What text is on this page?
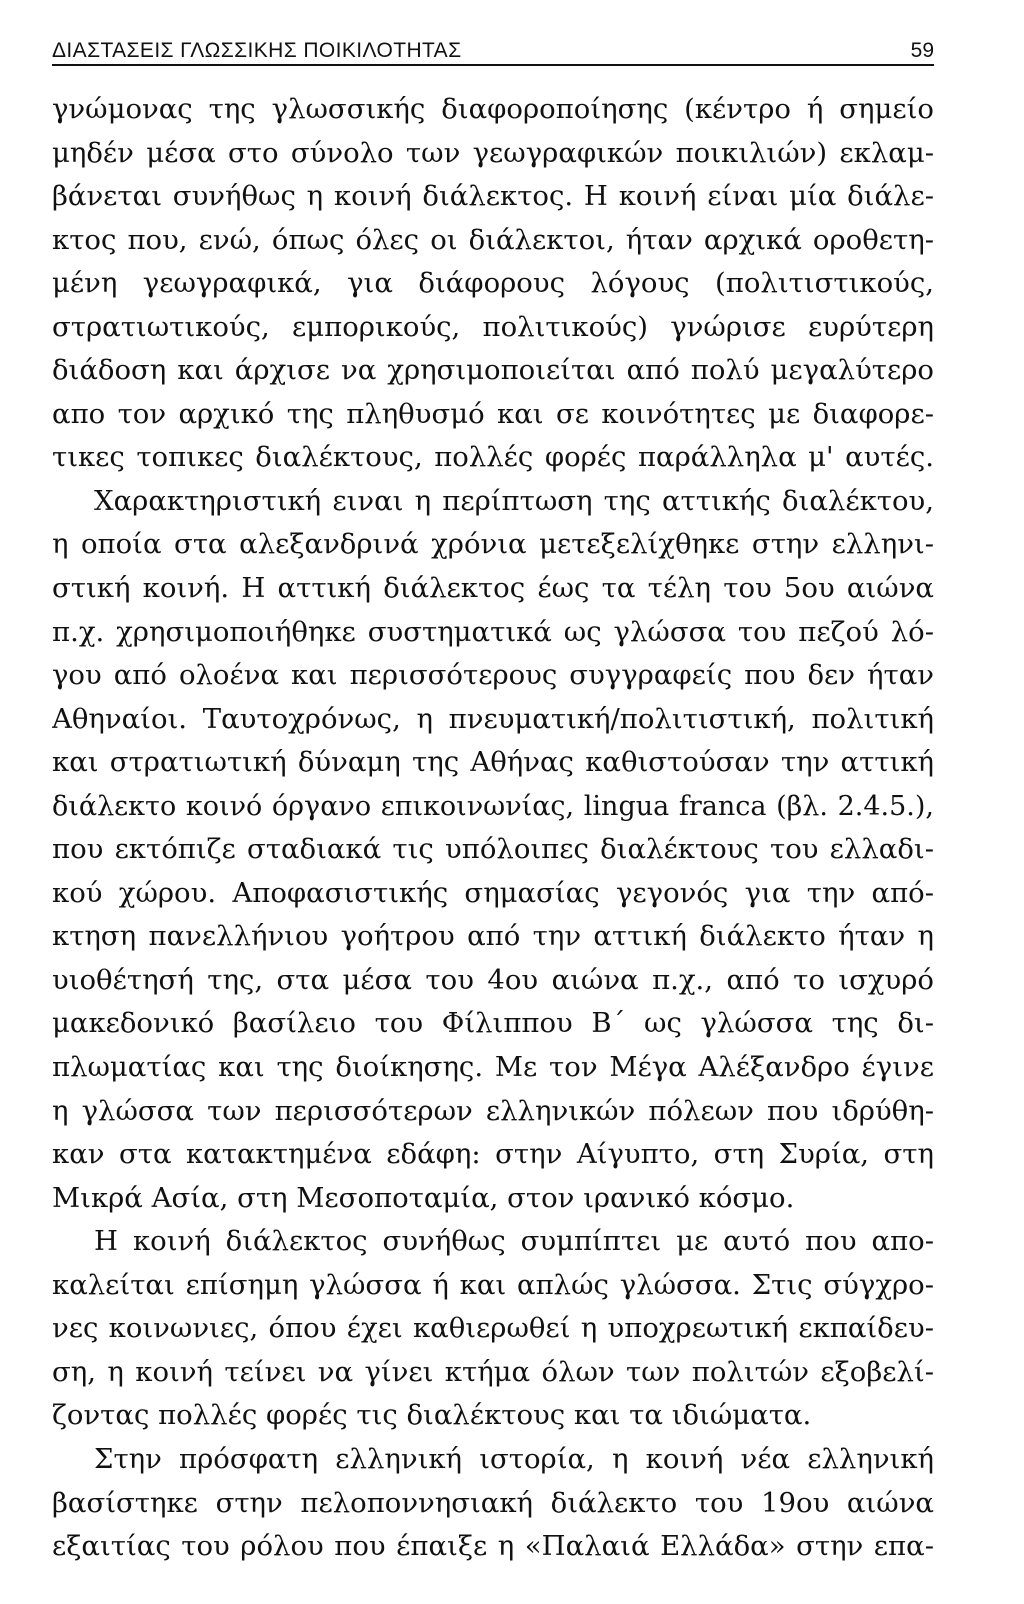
ΔΙΑΣΤΑΣΕΙΣ ΓΛΩΣΣΙΚΗΣ ΠΟΙΚΙΛΟΤΗΤΑΣ	59
γνώμονας της γλωσσικής διαφοροποίησης (κέντρο ή σημείο
μηδέν μέσα στο σύνολο των γεωγραφικών ποικιλιών) εκλαμ-
βάνεται συνήθως η κοινή διάλεκτος. Η κοινή είναι μία διάλε-
κτος που, ενώ, όπως όλες οι διάλεκτοι, ήταν αρχικά οροθετη-
μένη γεωγραφικά, για διάφορους λόγους (πολιτιστικούς,
στρατιωτικούς, εμπορικούς, πολιτικούς) γνώρισε ευρύτερη
διάδοση και άρχισε να χρησιμοποιείται από πολύ μεγαλύτερο
απο τον αρχικό της πληθυσμό και σε κοινότητες με διαφορε-
τικες τοπικες διαλέκτους, πολλές φορές παράλληλα μ' αυτές.
Χαρακτηριστική ειναι η περίπτωση της αττικής διαλέκτου,
η οποία στα αλεξανδρινά χρόνια μετεξελίχθηκε στην ελληνι-
στική κοινή. Η αττική διάλεκτος έως τα τέλη του 5ου αιώνα
π.χ. χρησιμοποιήθηκε συστηματικά ως γλώσσα του πεζού λό-
γου από ολοένα και περισσότερους συγγραφείς που δεν ήταν
Αθηναίοι. Ταυτοχρόνως, η πνευματική/πολιτιστική, πολιτική
και στρατιωτική δύναμη της Αθήνας καθιστούσαν την αττική
διάλεκτο κοινό όργανο επικοινωνίας, lingua franca (βλ. 2.4.5.),
που εκτόπιζε σταδιακά τις υπόλοιπες διαλέκτους του ελλαδι-
κού χώρου. Αποφασιστικής σημασίας γεγονός για την από-
κτηση πανελλήνιου γοήτρου από την αττική διάλεκτο ήταν η
υιοθέτησή της, στα μέσα του 4ου αιώνα π.χ., από το ισχυρό
μακεδονικό βασίλειο του Φίλιππου Β΄ ως γλώσσα της δι-
πλωματίας και της διοίκησης. Με τον Μέγα Αλέξανδρο έγινε
η γλώσσα των περισσότερων ελληνικών πόλεων που ιδρύθη-
καν στα κατακτημένα εδάφη: στην Αίγυπτο, στη Συρία, στη
Μικρά Ασία, στη Μεσοποταμία, στον ιρανικό κόσμο.
Η κοινή διάλεκτος συνήθως συμπίπτει με αυτό που απο-
καλείται επίσημη γλώσσα ή και απλώς γλώσσα. Στις σύγχρο-
νες κοινωνιες, όπου έχει καθιερωθεί η υποχρεωτική εκπαίδευ-
ση, η κοινή τείνει να γίνει κτήμα όλων των πολιτών εξοβελί-
ζοντας πολλές φορές τις διαλέκτους και τα ιδιώματα.
Στην πρόσφατη ελληνική ιστορία, η κοινή νέα ελληνική
βασίστηκε στην πελοποννησιακή διάλεκτο του 19ου αιώνα
εξαιτίας του ρόλου που έπαιξε η «Παλαιά Ελλάδα» στην επα-
